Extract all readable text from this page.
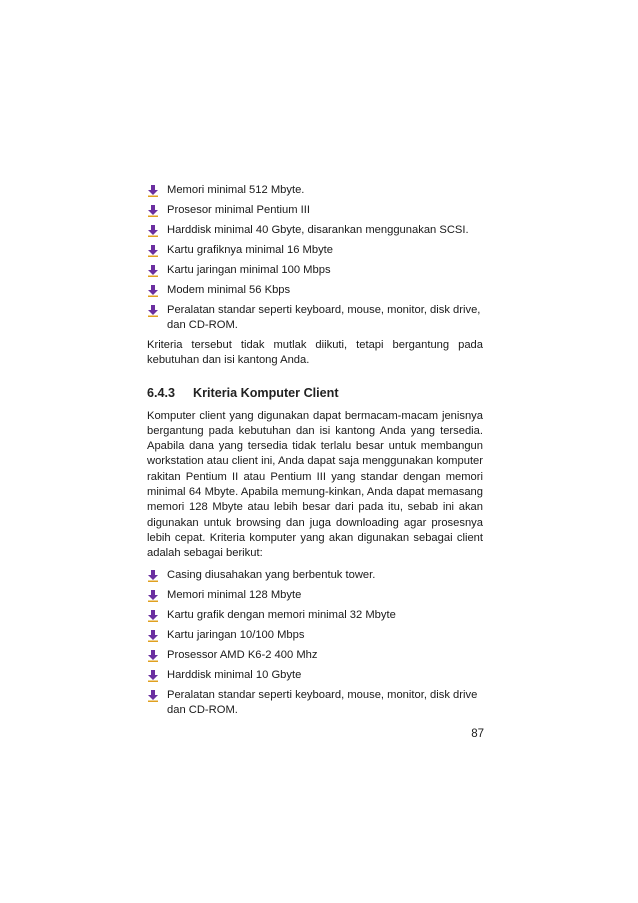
Memori minimal 512 Mbyte.
Prosesor minimal Pentium III
Harddisk minimal 40 Gbyte, disarankan menggunakan SCSI.
Kartu grafiknya minimal 16 Mbyte
Kartu jaringan minimal 100 Mbps
Modem minimal 56 Kbps
Peralatan standar seperti keyboard, mouse, monitor, disk drive, dan CD-ROM.

Kriteria tersebut tidak mutlak diikuti, tetapi bergantung pada kebutuhan dan isi kantong Anda.

6.4.3	Kriteria Komputer Client

Komputer client yang digunakan dapat bermacam-macam jenisnya bergantung pada kebutuhan dan isi kantong Anda yang tersedia. Apabila dana yang tersedia tidak terlalu besar untuk membangun workstation atau client ini, Anda dapat saja menggunakan komputer rakitan Pentium II atau Pentium III yang standar dengan memori minimal 64 Mbyte. Apabila memung-kinkan, Anda dapat memasang memori 128 Mbyte atau lebih besar dari pada itu, sebab ini akan digunakan untuk browsing dan juga downloading agar prosesnya lebih cepat. Kriteria komputer yang akan digunakan sebagai client adalah sebagai berikut:

Casing diusahakan yang berbentuk tower.
Memori minimal 128 Mbyte
Kartu grafik dengan memori minimal 32 Mbyte
Kartu jaringan 10/100 Mbps
Prosessor AMD K6-2 400 Mhz
Harddisk minimal 10 Gbyte
Peralatan standar seperti keyboard, mouse, monitor, disk drive dan CD-ROM.
87
